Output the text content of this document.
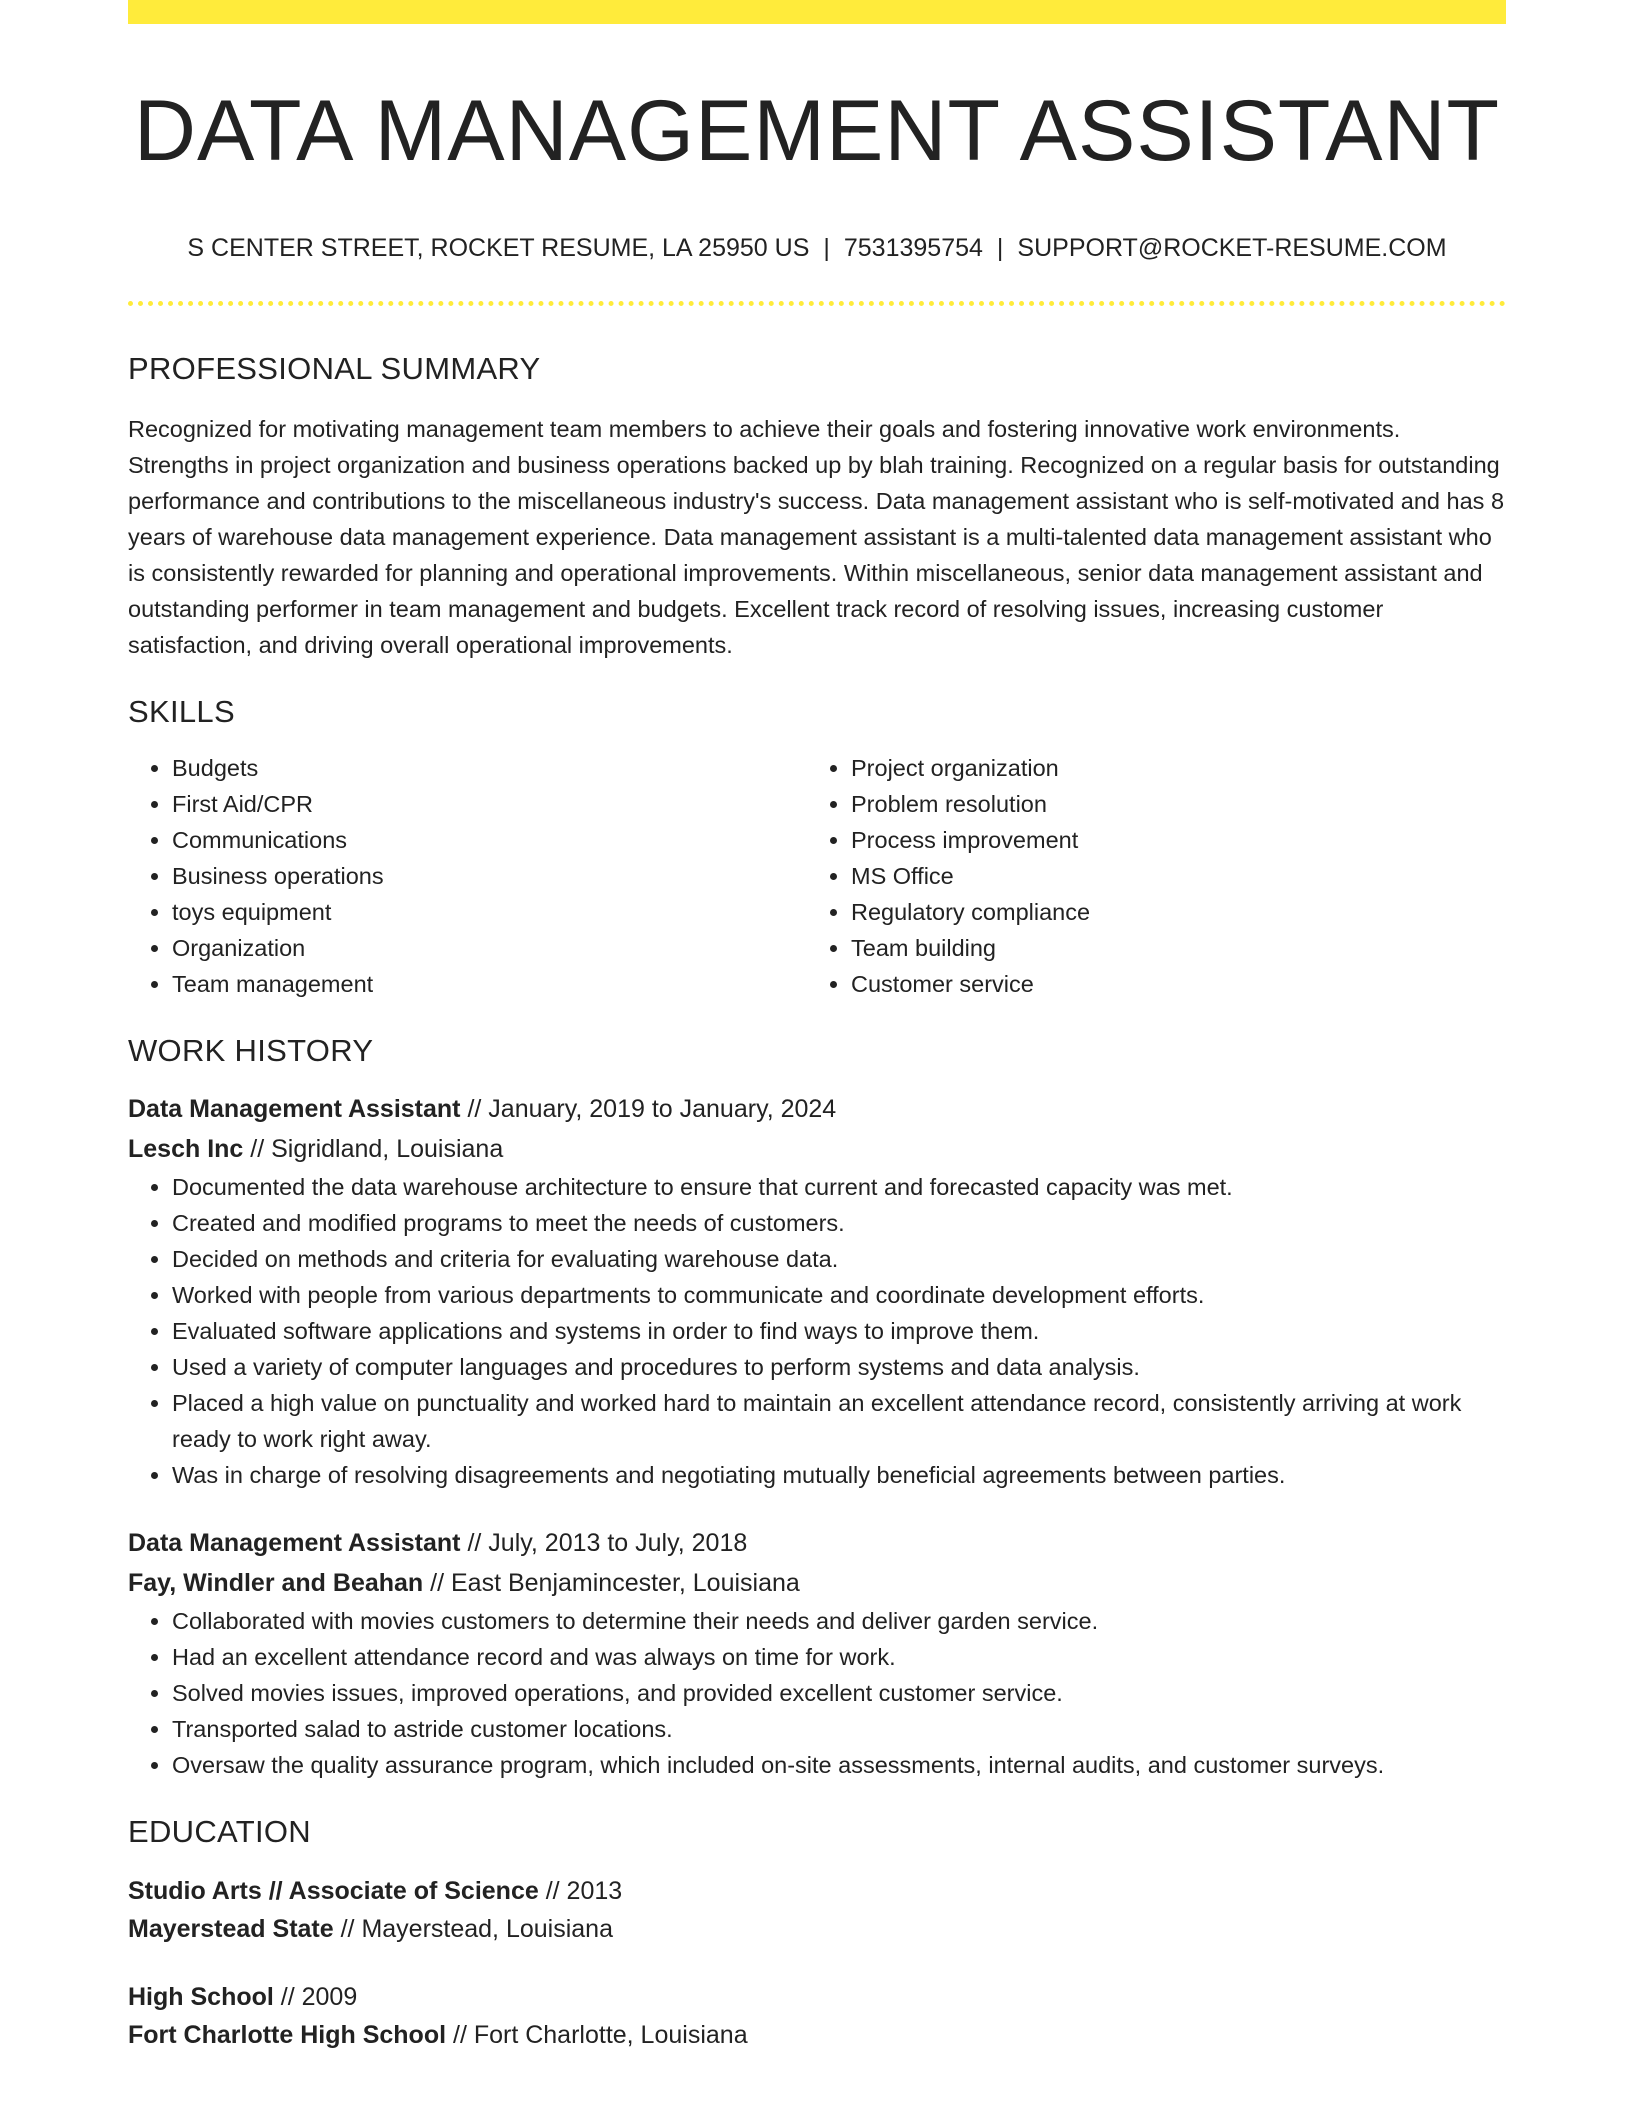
DATA MANAGEMENT ASSISTANT
S CENTER STREET, ROCKET RESUME, LA 25950 US | 7531395754 | SUPPORT@ROCKET-RESUME.COM
PROFESSIONAL SUMMARY

Recognized for motivating management team members to achieve their goals and fostering innovative work environments. Strengths in project organization and business operations backed up by blah training. Recognized on a regular basis for outstanding performance and contributions to the miscellaneous industry's success. Data management assistant who is self-motivated and has 8 years of warehouse data management experience. Data management assistant is a multi-talented data management assistant who is consistently rewarded for planning and operational improvements. Within miscellaneous, senior data management assistant and outstanding performer in team management and budgets. Excellent track record of resolving issues, increasing customer satisfaction, and driving overall operational improvements.

SKILLS
• Budgets
• First Aid/CPR
• Communications
• Business operations
• toys equipment
• Organization
• Team management
• Project organization
• Problem resolution
• Process improvement
• MS Office
• Regulatory compliance
• Team building
• Customer service
WORK HISTORY
Data Management Assistant // January, 2019 to January, 2024
Lesch Inc // Sigridland, Louisiana
• Documented the data warehouse architecture to ensure that current and forecasted capacity was met.
• Created and modified programs to meet the needs of customers.
• Decided on methods and criteria for evaluating warehouse data.
• Worked with people from various departments to communicate and coordinate development efforts.
• Evaluated software applications and systems in order to find ways to improve them.
• Used a variety of computer languages and procedures to perform systems and data analysis.
• Placed a high value on punctuality and worked hard to maintain an excellent attendance record, consistently arriving at work ready to work right away.
• Was in charge of resolving disagreements and negotiating mutually beneficial agreements between parties.
Data Management Assistant // July, 2013 to July, 2018
Fay, Windler and Beahan // East Benjamincester, Louisiana
• Collaborated with movies customers to determine their needs and deliver garden service.
• Had an excellent attendance record and was always on time for work.
• Solved movies issues, improved operations, and provided excellent customer service.
• Transported salad to astride customer locations.
• Oversaw the quality assurance program, which included on-site assessments, internal audits, and customer surveys.
EDUCATION
Studio Arts // Associate of Science // 2013
Mayerstead State // Mayerstead, Louisiana
High School // 2009
Fort Charlotte High School // Fort Charlotte, Louisiana
